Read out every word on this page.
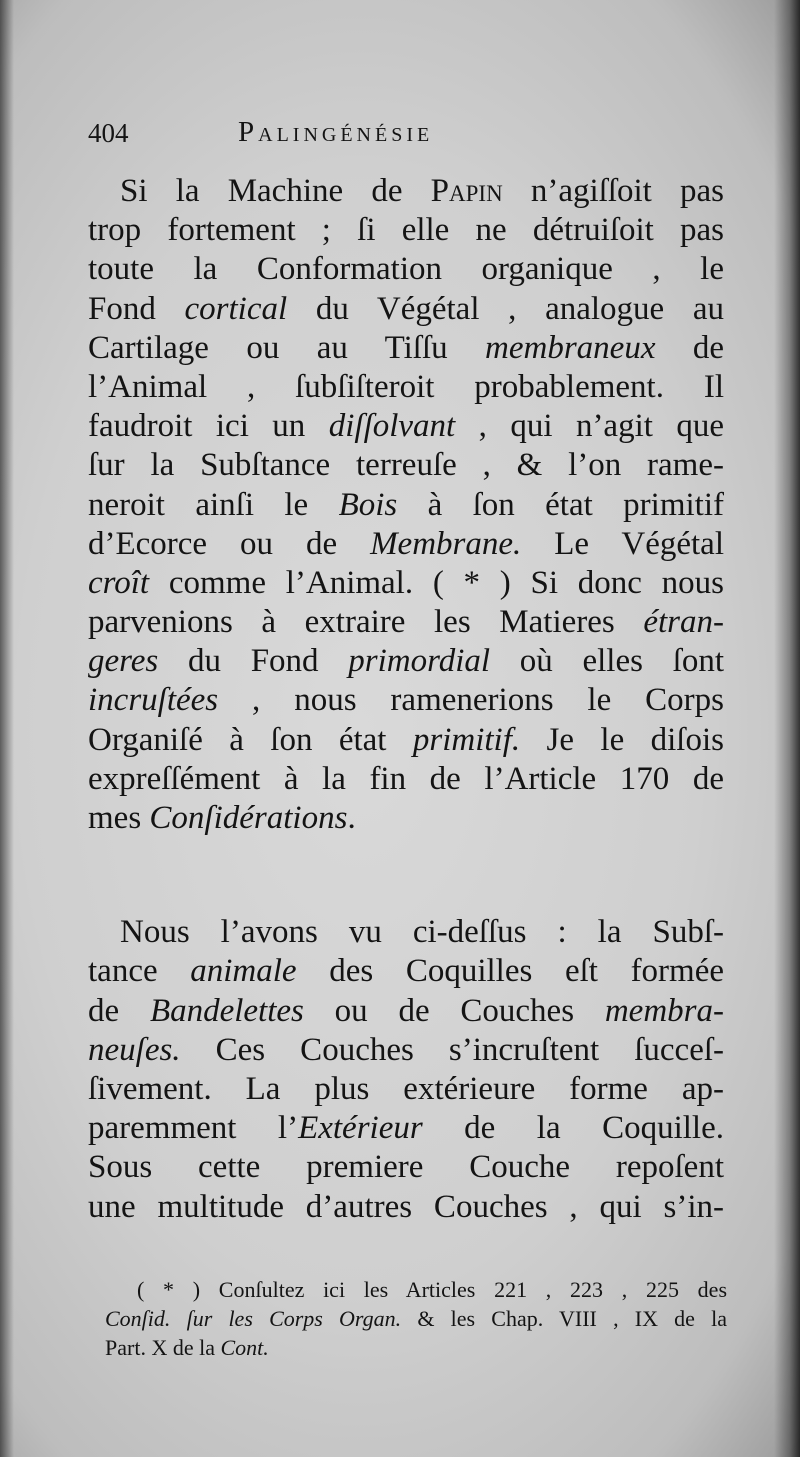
404	Palingénésie
Si la Machine de Papin n’agiſſoit pas
trop fortement ; ſi elle ne détruiſoit pas
toute la Conformation organique , le
Fond cortical du Végétal , analogue au
Cartilage ou au Tiſſu membraneux de
l’Animal , ſubſiſteroit probablement. Il
faudroit ici un diſſolvant , qui n’agit que
ſur la Subſtance terreuſe , & l’on rame-
neroit ainſi le Bois à ſon état primitif
d’Ecorce ou de Membrane. Le Végétal
croît comme l’Animal. ( * ) Si donc nous
parvenions à extraire les Matieres étran-
geres du Fond primordial où elles ſont
incruſtées , nous ramenerions le Corps
Organiſé à ſon état primitif. Je le diſois
expreſſément à la fin de l’Article 170 de
mes Conſidérations.
Nous l’avons vu ci-deſſus : la Subſ-
tance animale des Coquilles eſt formée
de Bandelettes ou de Couches membra-
neuſes. Ces Couches s’incruſtent ſucceſ-
ſivement. La plus extérieure forme ap-
paremment l’Extérieur de la Coquille.
Sous cette premiere Couche repoſent
une multitude d’autres Couches , qui s’in-
( * ) Conſultez ici les Articles 221 , 223 , 225 des
Conſid. ſur les Corps Organ. & les Chap. VIII , IX de la
Part. X de la Cont.
